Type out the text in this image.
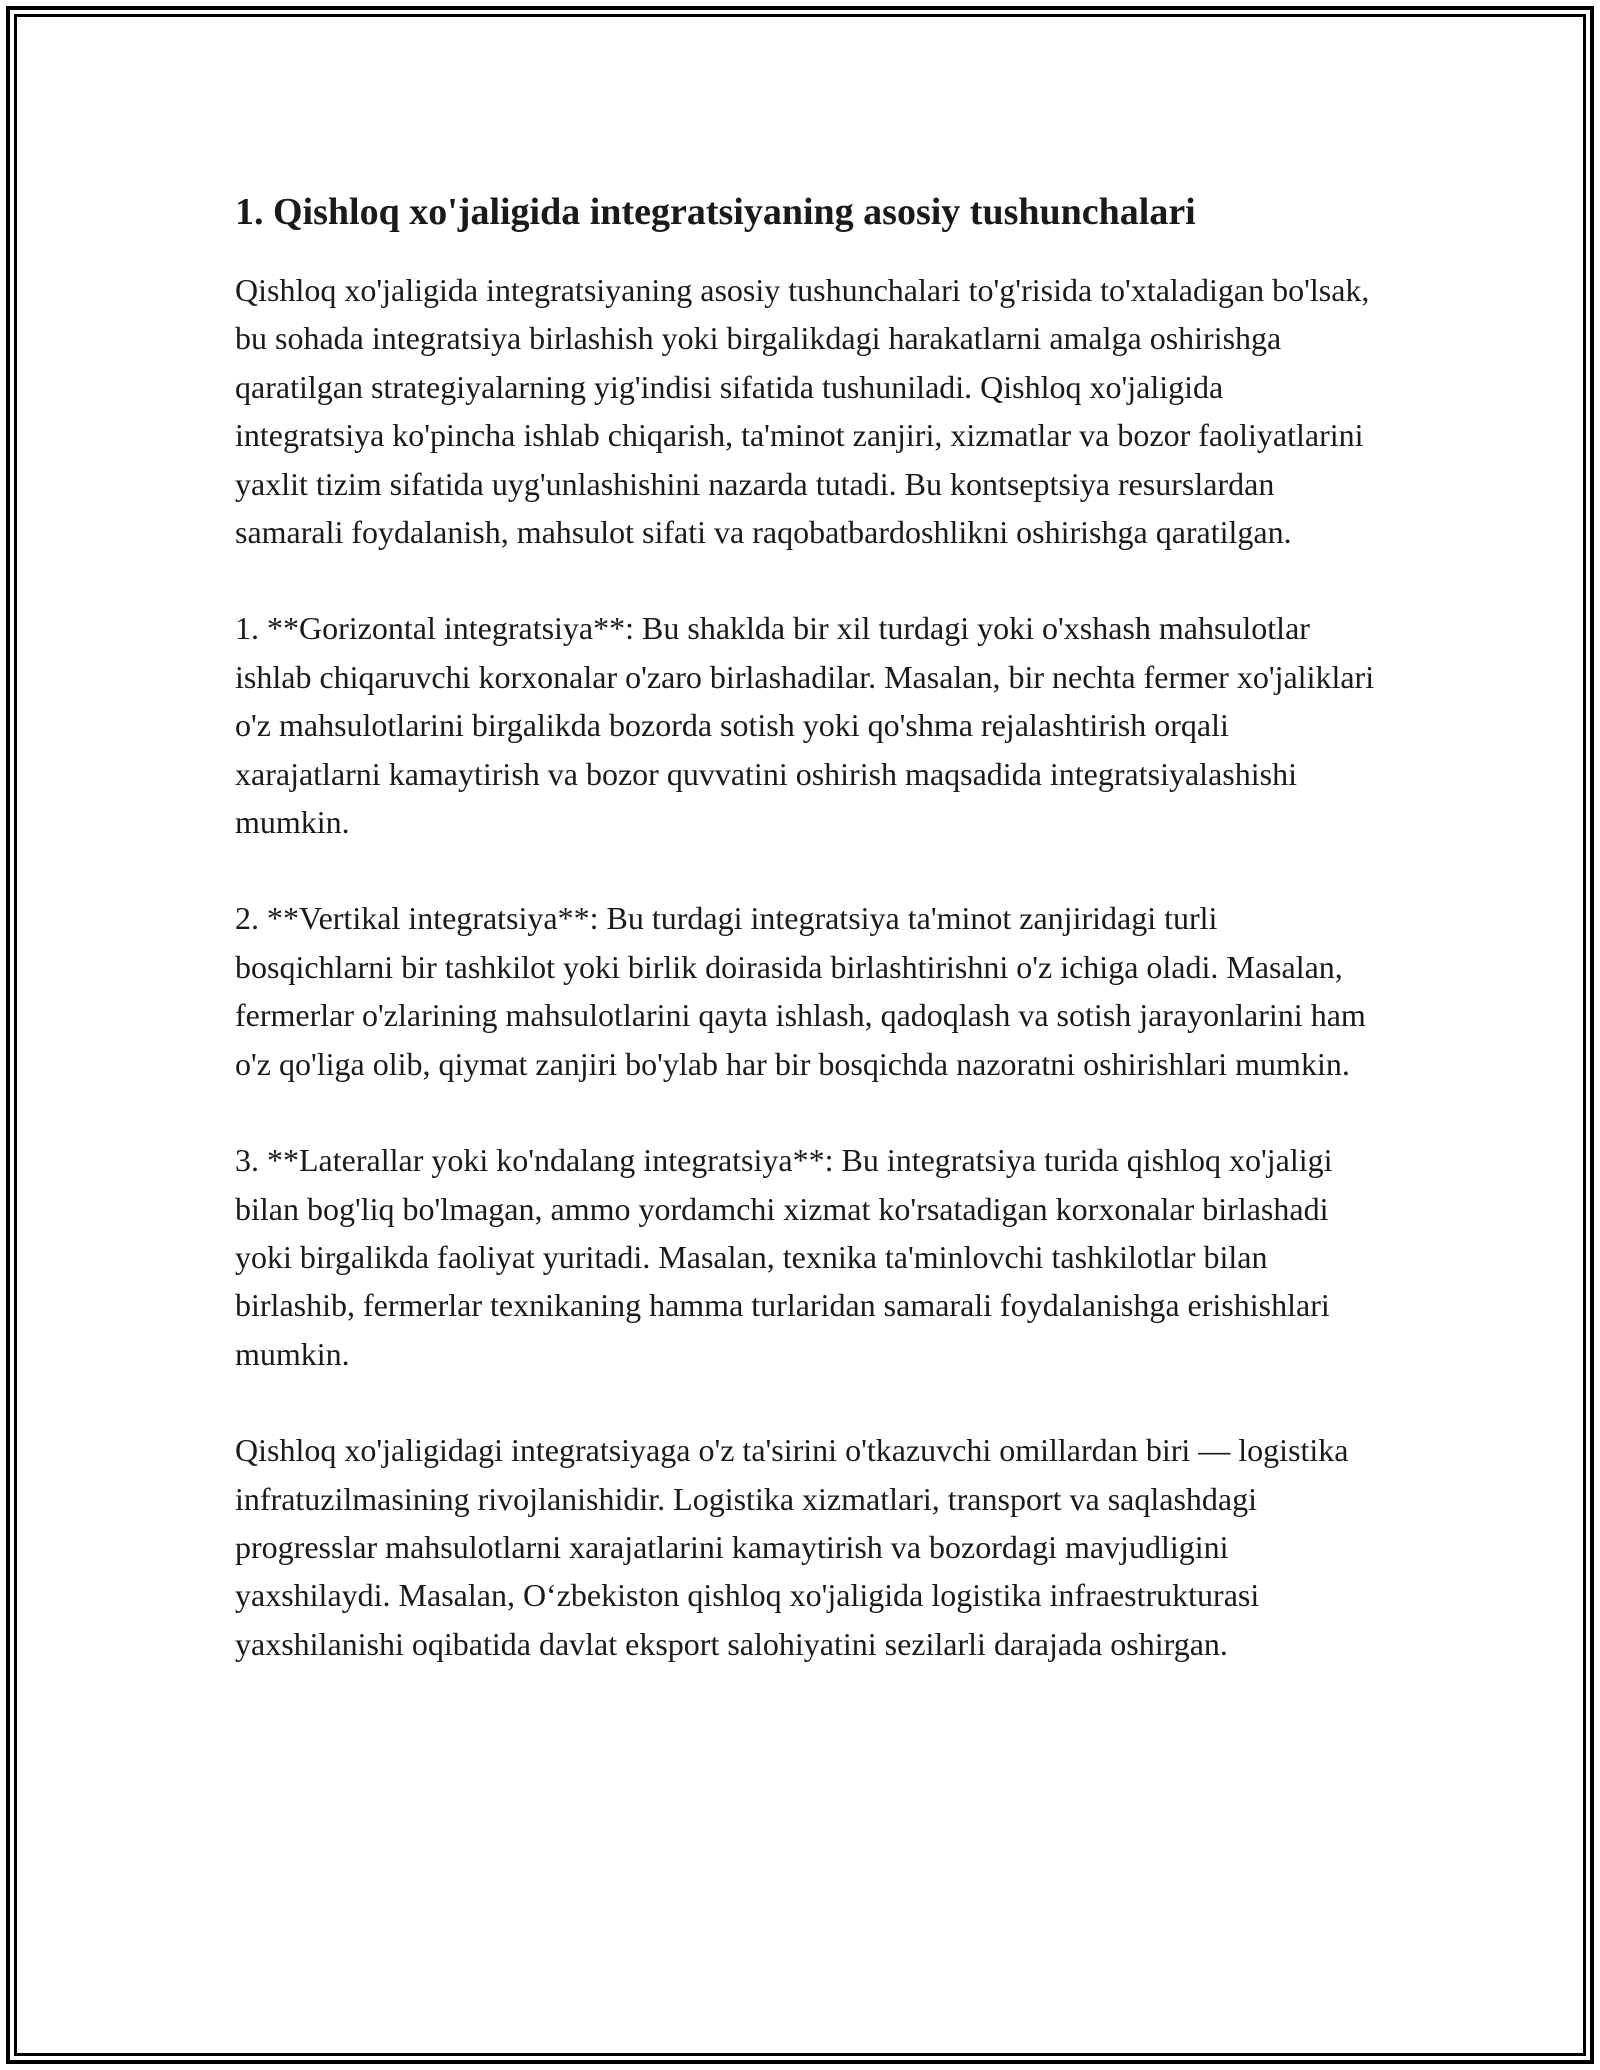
1. Qishloq xo'jaligida integratsiyaning asosiy tushunchalari

Qishloq xo'jaligida integratsiyaning asosiy tushunchalari to'g'risida to'xtaladigan bo'lsak, bu sohada integratsiya birlashish yoki birgalikdagi harakatlarni amalga oshirishga qaratilgan strategiyalarning yig'indisi sifatida tushuniladi. Qishloq xo'jaligida integratsiya ko'pincha ishlab chiqarish, ta'minot zanjiri, xizmatlar va bozor faoliyatlarini yaxlit tizim sifatida uyg'unlashishini nazarda tutadi. Bu kontseptsiya resurslardan samarali foydalanish, mahsulot sifati va raqobatbardoshlikni oshirishga qaratilgan.

1. **Gorizontal integratsiya**: Bu shaklda bir xil turdagi yoki o'xshash mahsulotlar ishlab chiqaruvchi korxonalar o'zaro birlashadilar. Masalan, bir nechta fermer xo'jaliklari o'z mahsulotlarini birgalikda bozorda sotish yoki qo'shma rejalashtirish orqali xarajatlarni kamaytirish va bozor quvvatini oshirish maqsadida integratsiyalashishi mumkin.

2. **Vertikal integratsiya**: Bu turdagi integratsiya ta'minot zanjiridagi turli bosqichlarni bir tashkilot yoki birlik doirasida birlashtirishni o'z ichiga oladi. Masalan, fermerlar o'zlarining mahsulotlarini qayta ishlash, qadoqlash va sotish jarayonlarini ham o'z qo'liga olib, qiymat zanjiri bo'ylab har bir bosqichda nazoratni oshirishlari mumkin.

3. **Laterallar yoki ko'ndalang integratsiya**: Bu integratsiya turida qishloq xo'jaligi bilan bog'liq bo'lmagan, ammo yordamchi xizmat ko'rsatadigan korxonalar birlashadi yoki birgalikda faoliyat yuritadi. Masalan, texnika ta'minlovchi tashkilotlar bilan birlashib, fermerlar texnikaning hamma turlaridan samarali foydalanishga erishishlari mumkin.

Qishloq xo'jaligidagi integratsiyaga o'z ta'sirini o'tkazuvchi omillardan biri — logistika infratuzilmasining rivojlanishidir. Logistika xizmatlari, transport va saqlashdagi progresslar mahsulotlarni xarajatlarini kamaytirish va bozordagi mavjudligini yaxshilaydi. Masalan, O‘zbekiston qishloq xo'jaligida logistika infraestrukturasi yaxshilanishi oqibatida davlat eksport salohiyatini sezilarli darajada oshirgan.
